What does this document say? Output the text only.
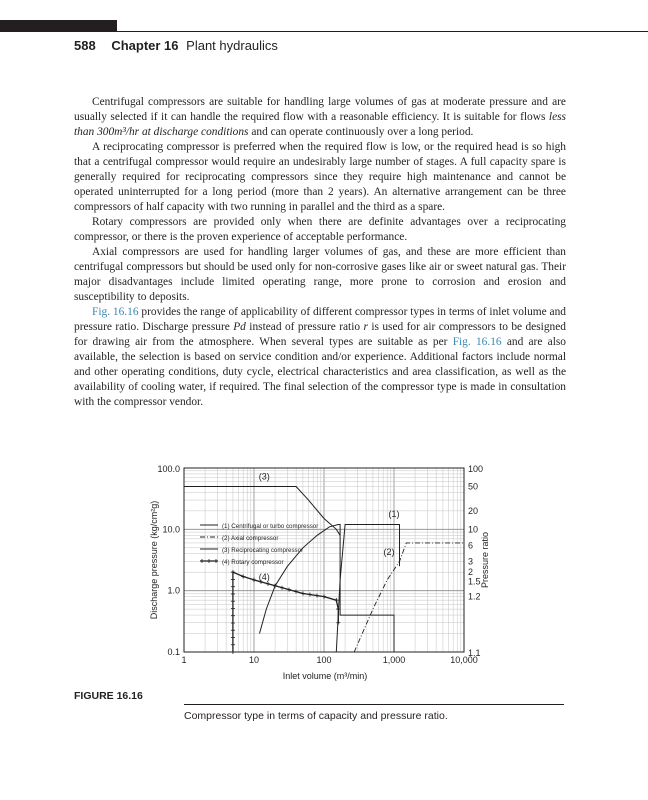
588 Chapter 16 Plant hydraulics

Centrifugal compressors are suitable for handling large volumes of gas at moderate pressure and are usually selected if it can handle the required flow with a reasonable efficiency. It is suitable for flows less than 300m³/hr at discharge conditions and can operate continuously over a long period.

A reciprocating compressor is preferred when the required flow is low, or the required head is so high that a centrifugal compressor would require an undesirably large number of stages. A full capacity spare is generally required for reciprocating compressors since they require high maintenance and cannot be operated uninterrupted for a long period (more than 2 years). An alternative arrangement can be three compressors of half capacity with two running in parallel and the third as a spare.

Rotary compressors are provided only when there are definite advantages over a reciprocating compressor, or there is the proven experience of acceptable performance.

Axial compressors are used for handling larger volumes of gas, and these are more efficient than centrifugal compressors but should be used only for non-corrosive gases like air or sweet natural gas. Their major disadvantages include limited operating range, more prone to corrosion and erosion and susceptibility to deposits.

Fig. 16.16 provides the range of applicability of different compressor types in terms of inlet volume and pressure ratio. Discharge pressure Pd instead of pressure ratio r is used for air compressors to be designed for drawing air from the atmosphere. When several types are suitable as per Fig. 16.16 and are also available, the selection is based on service condition and/or experience. Additional factors include normal and other operating conditions, duty cycle, electrical characteristics and area classification, as well as the availability of cooling water, if required. The final selection of the compressor type is made in consultation with the compressor vendor.

1	10	100	1,000	10,000
0.1
1.0
10.0
100.0	100
50
20
10
6
3
2
1.5
1.2
1.1
Inlet volume (m³/min)
Discharge pressure (kg/cm²g)	Pressure ratio
(1)
(2)
(3)
(4)
(1) Centrifugal or turbo compressor
(2) Axial compressor
(3) Reciprocating compressor
(4) Rotary compressor
FIGURE 16.16
Compressor type in terms of capacity and pressure ratio.
